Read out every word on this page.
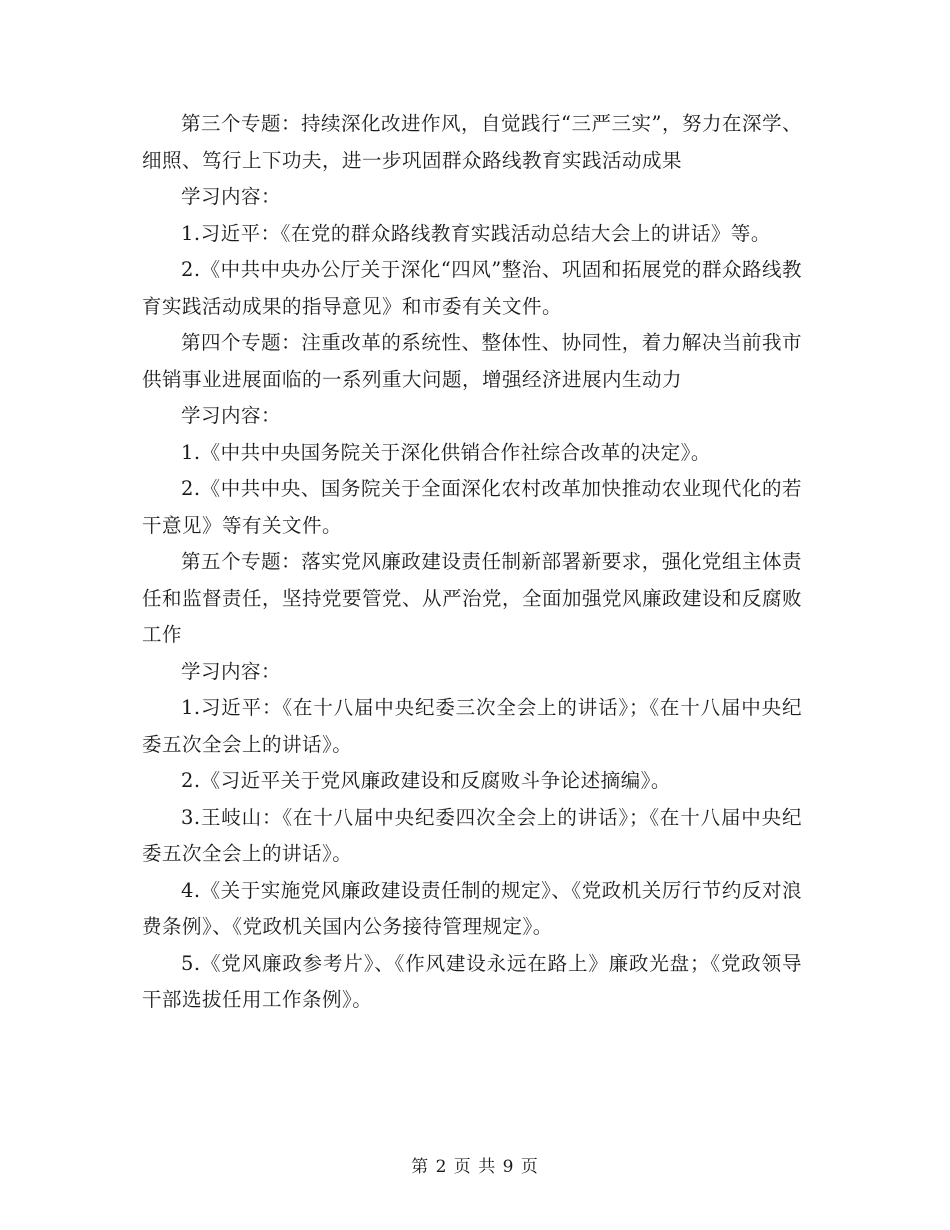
第三个专题：持续深化改进作风，自觉践行“三严三实”，努力在深学、细照、笃行上下功夫，进一步巩固群众路线教育实践活动成果

学习内容：

1.习近平：《在党的群众路线教育实践活动总结大会上的讲话》等。

2.《中共中央办公厅关于深化“四风”整治、巩固和拓展党的群众路线教育实践活动成果的指导意见》和市委有关文件。

第四个专题：注重改革的系统性、整体性、协同性，着力解决当前我市供销事业进展面临的一系列重大问题，增强经济进展内生动力

学习内容：

1.《中共中央国务院关于深化供销合作社综合改革的决定》。

2.《中共中央、国务院关于全面深化农村改革加快推动农业现代化的若干意见》等有关文件。

第五个专题：落实党风廉政建设责任制新部署新要求，强化党组主体责任和监督责任，坚持党要管党、从严治党，全面加强党风廉政建设和反腐败工作

学习内容：

1.习近平：《在十八届中央纪委三次全会上的讲话》；《在十八届中央纪委五次全会上的讲话》。

2.《习近平关于党风廉政建设和反腐败斗争论述摘编》。

3.王岐山：《在十八届中央纪委四次全会上的讲话》；《在十八届中央纪委五次全会上的讲话》。

4.《关于实施党风廉政建设责任制的规定》、《党政机关厉行节约反对浪费条例》、《党政机关国内公务接待管理规定》。

5.《党风廉政参考片》、《作风建设永远在路上》廉政光盘；《党政领导干部选拔任用工作条例》。

第 2 页 共 9 页
